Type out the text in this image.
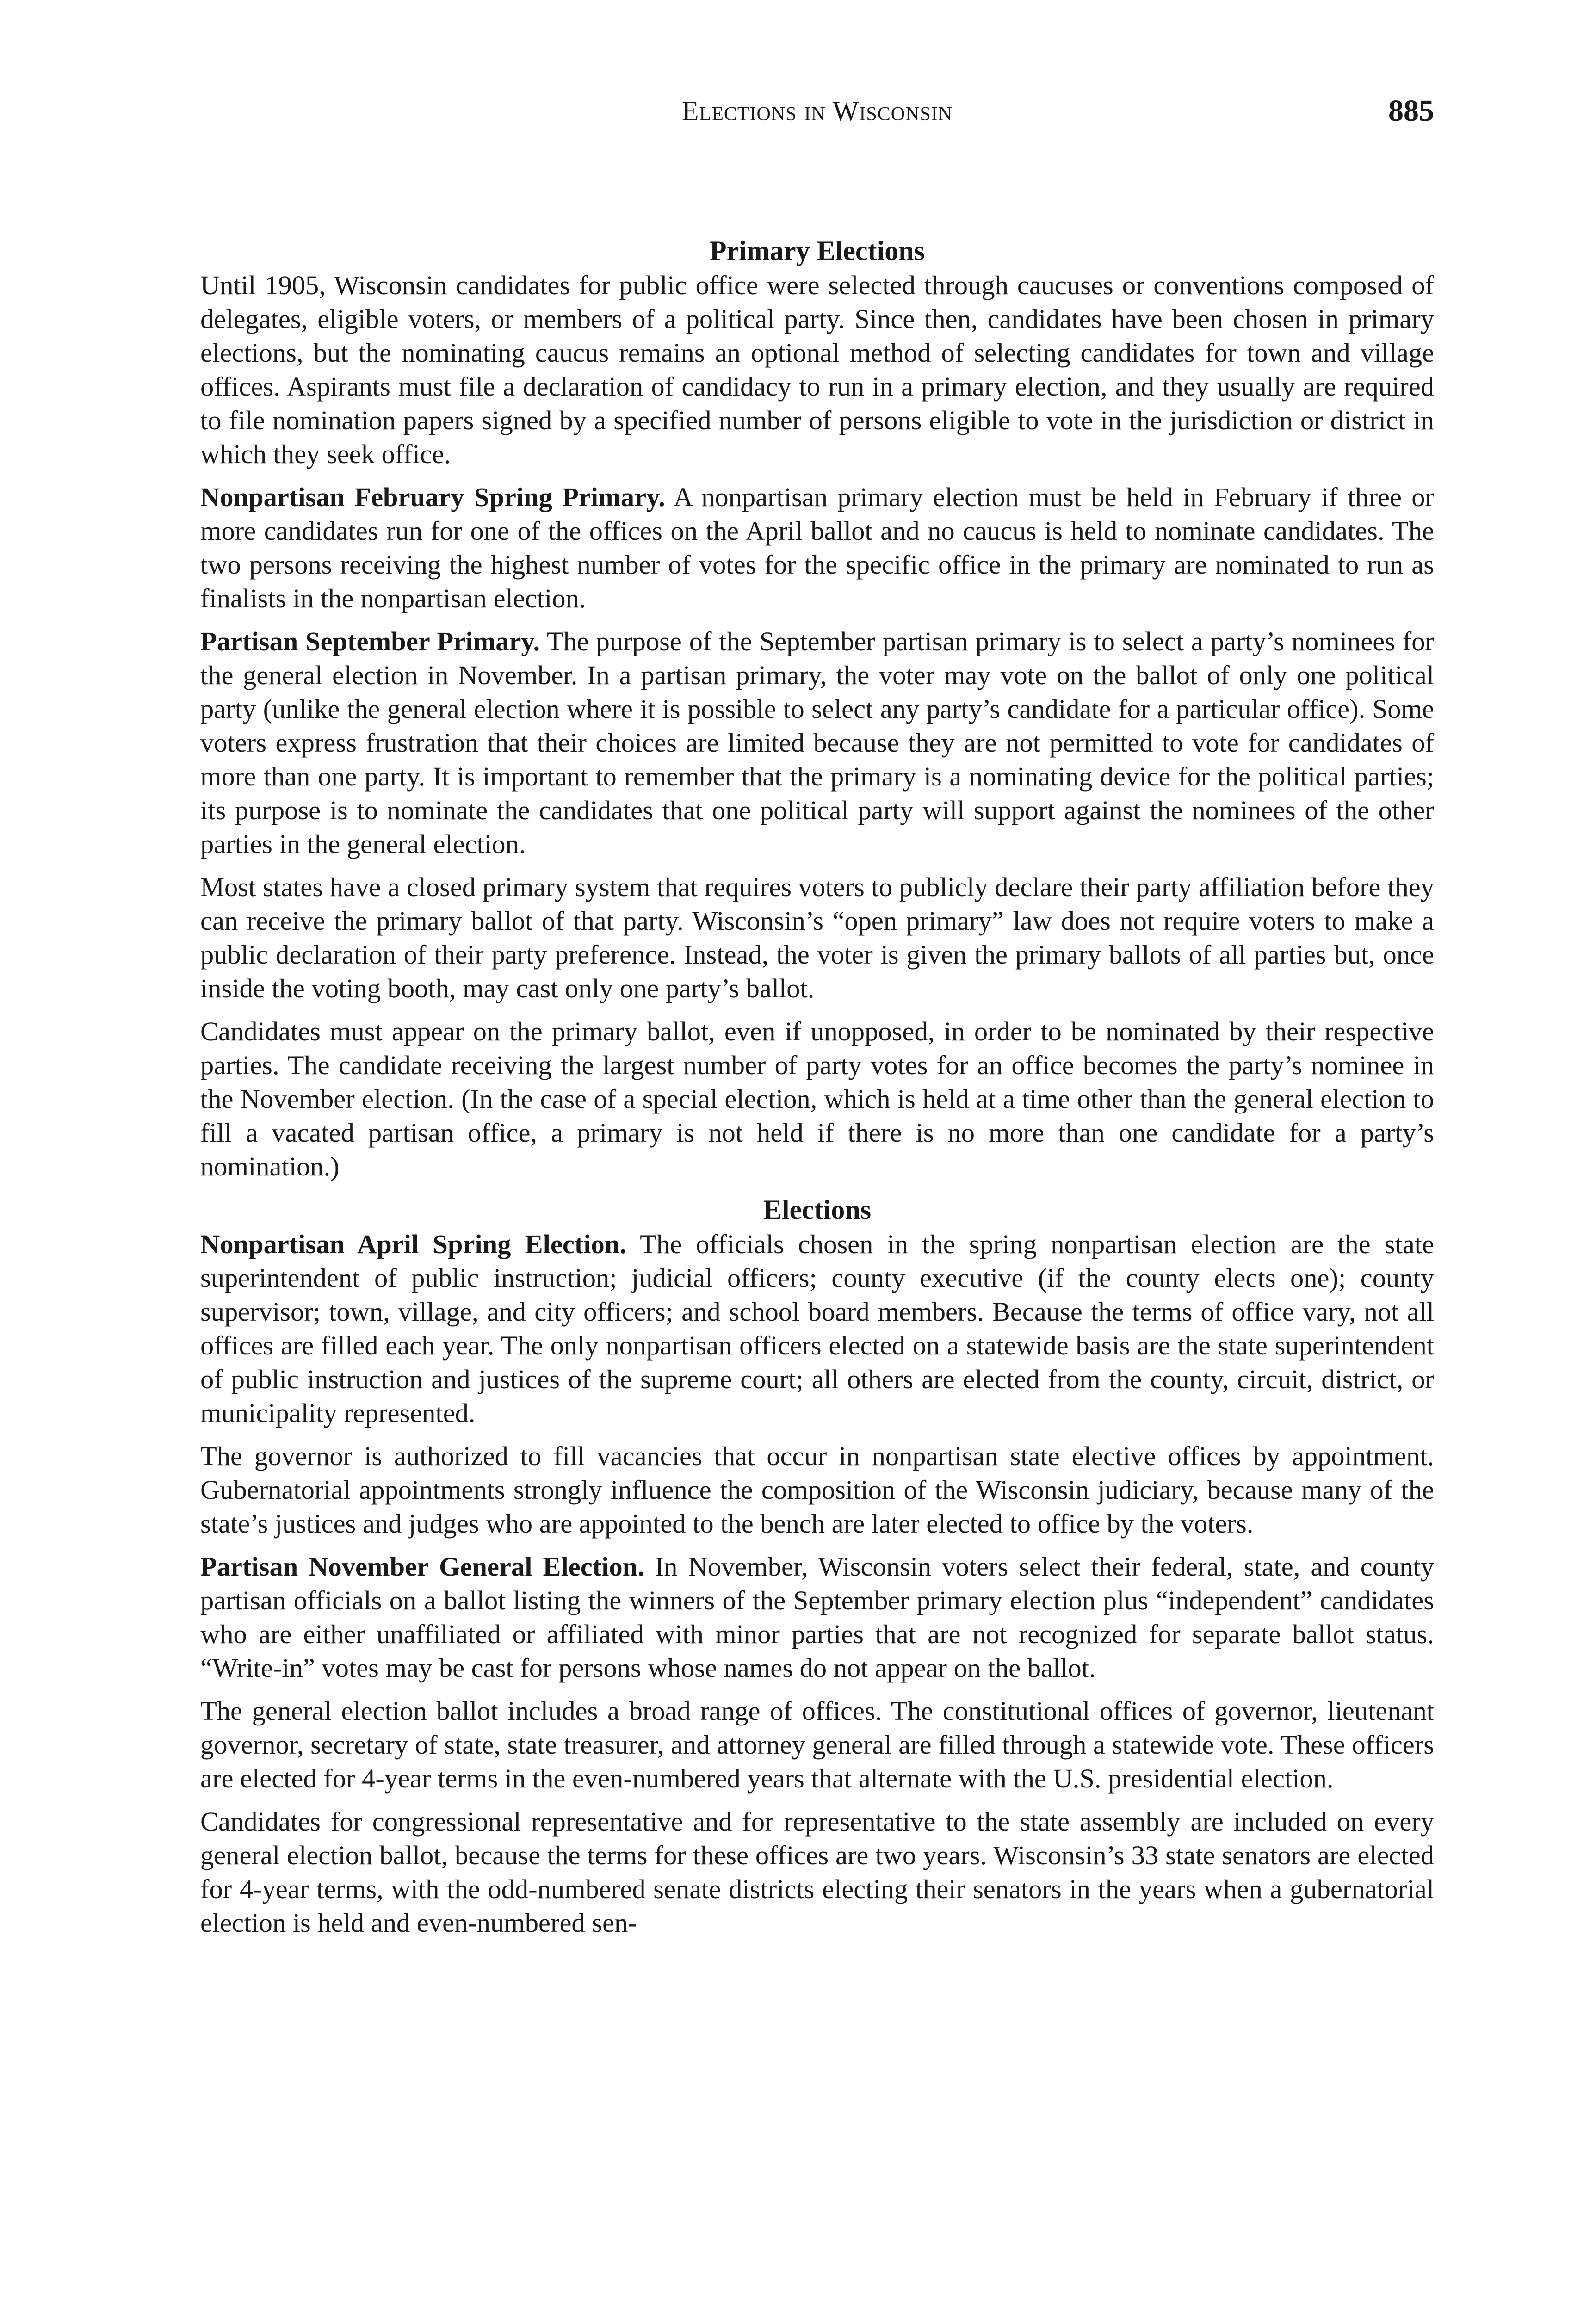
Elections in Wisconsin	885
Primary Elections

Until 1905, Wisconsin candidates for public office were selected through caucuses or conventions composed of delegates, eligible voters, or members of a political party. Since then, candidates have been chosen in primary elections, but the nominating caucus remains an optional method of selecting candidates for town and village offices. Aspirants must file a declaration of candidacy to run in a primary election, and they usually are required to file nomination papers signed by a specified number of persons eligible to vote in the jurisdiction or district in which they seek office.

Nonpartisan February Spring Primary. A nonpartisan primary election must be held in February if three or more candidates run for one of the offices on the April ballot and no caucus is held to nominate candidates. The two persons receiving the highest number of votes for the specific office in the primary are nominated to run as finalists in the nonpartisan election.

Partisan September Primary. The purpose of the September partisan primary is to select a party’s nominees for the general election in November. In a partisan primary, the voter may vote on the ballot of only one political party (unlike the general election where it is possible to select any party’s candidate for a particular office). Some voters express frustration that their choices are limited because they are not permitted to vote for candidates of more than one party. It is important to remember that the primary is a nominating device for the political parties; its purpose is to nominate the candidates that one political party will support against the nominees of the other parties in the general election.

Most states have a closed primary system that requires voters to publicly declare their party affiliation before they can receive the primary ballot of that party. Wisconsin’s “open primary” law does not require voters to make a public declaration of their party preference. Instead, the voter is given the primary ballots of all parties but, once inside the voting booth, may cast only one party’s ballot.

Candidates must appear on the primary ballot, even if unopposed, in order to be nominated by their respective parties. The candidate receiving the largest number of party votes for an office becomes the party’s nominee in the November election. (In the case of a special election, which is held at a time other than the general election to fill a vacated partisan office, a primary is not held if there is no more than one candidate for a party’s nomination.)

Elections

Nonpartisan April Spring Election. The officials chosen in the spring nonpartisan election are the state superintendent of public instruction; judicial officers; county executive (if the county elects one); county supervisor; town, village, and city officers; and school board members. Because the terms of office vary, not all offices are filled each year. The only nonpartisan officers elected on a statewide basis are the state superintendent of public instruction and justices of the supreme court; all others are elected from the county, circuit, district, or municipality represented.

The governor is authorized to fill vacancies that occur in nonpartisan state elective offices by appointment. Gubernatorial appointments strongly influence the composition of the Wisconsin judiciary, because many of the state’s justices and judges who are appointed to the bench are later elected to office by the voters.

Partisan November General Election. In November, Wisconsin voters select their federal, state, and county partisan officials on a ballot listing the winners of the September primary election plus “independent” candidates who are either unaffiliated or affiliated with minor parties that are not recognized for separate ballot status. “Write-in” votes may be cast for persons whose names do not appear on the ballot.

The general election ballot includes a broad range of offices. The constitutional offices of governor, lieutenant governor, secretary of state, state treasurer, and attorney general are filled through a statewide vote. These officers are elected for 4-year terms in the even-numbered years that alternate with the U.S. presidential election.

Candidates for congressional representative and for representative to the state assembly are included on every general election ballot, because the terms for these offices are two years. Wisconsin’s 33 state senators are elected for 4-year terms, with the odd-numbered senate districts electing their senators in the years when a gubernatorial election is held and even-numbered sen-
